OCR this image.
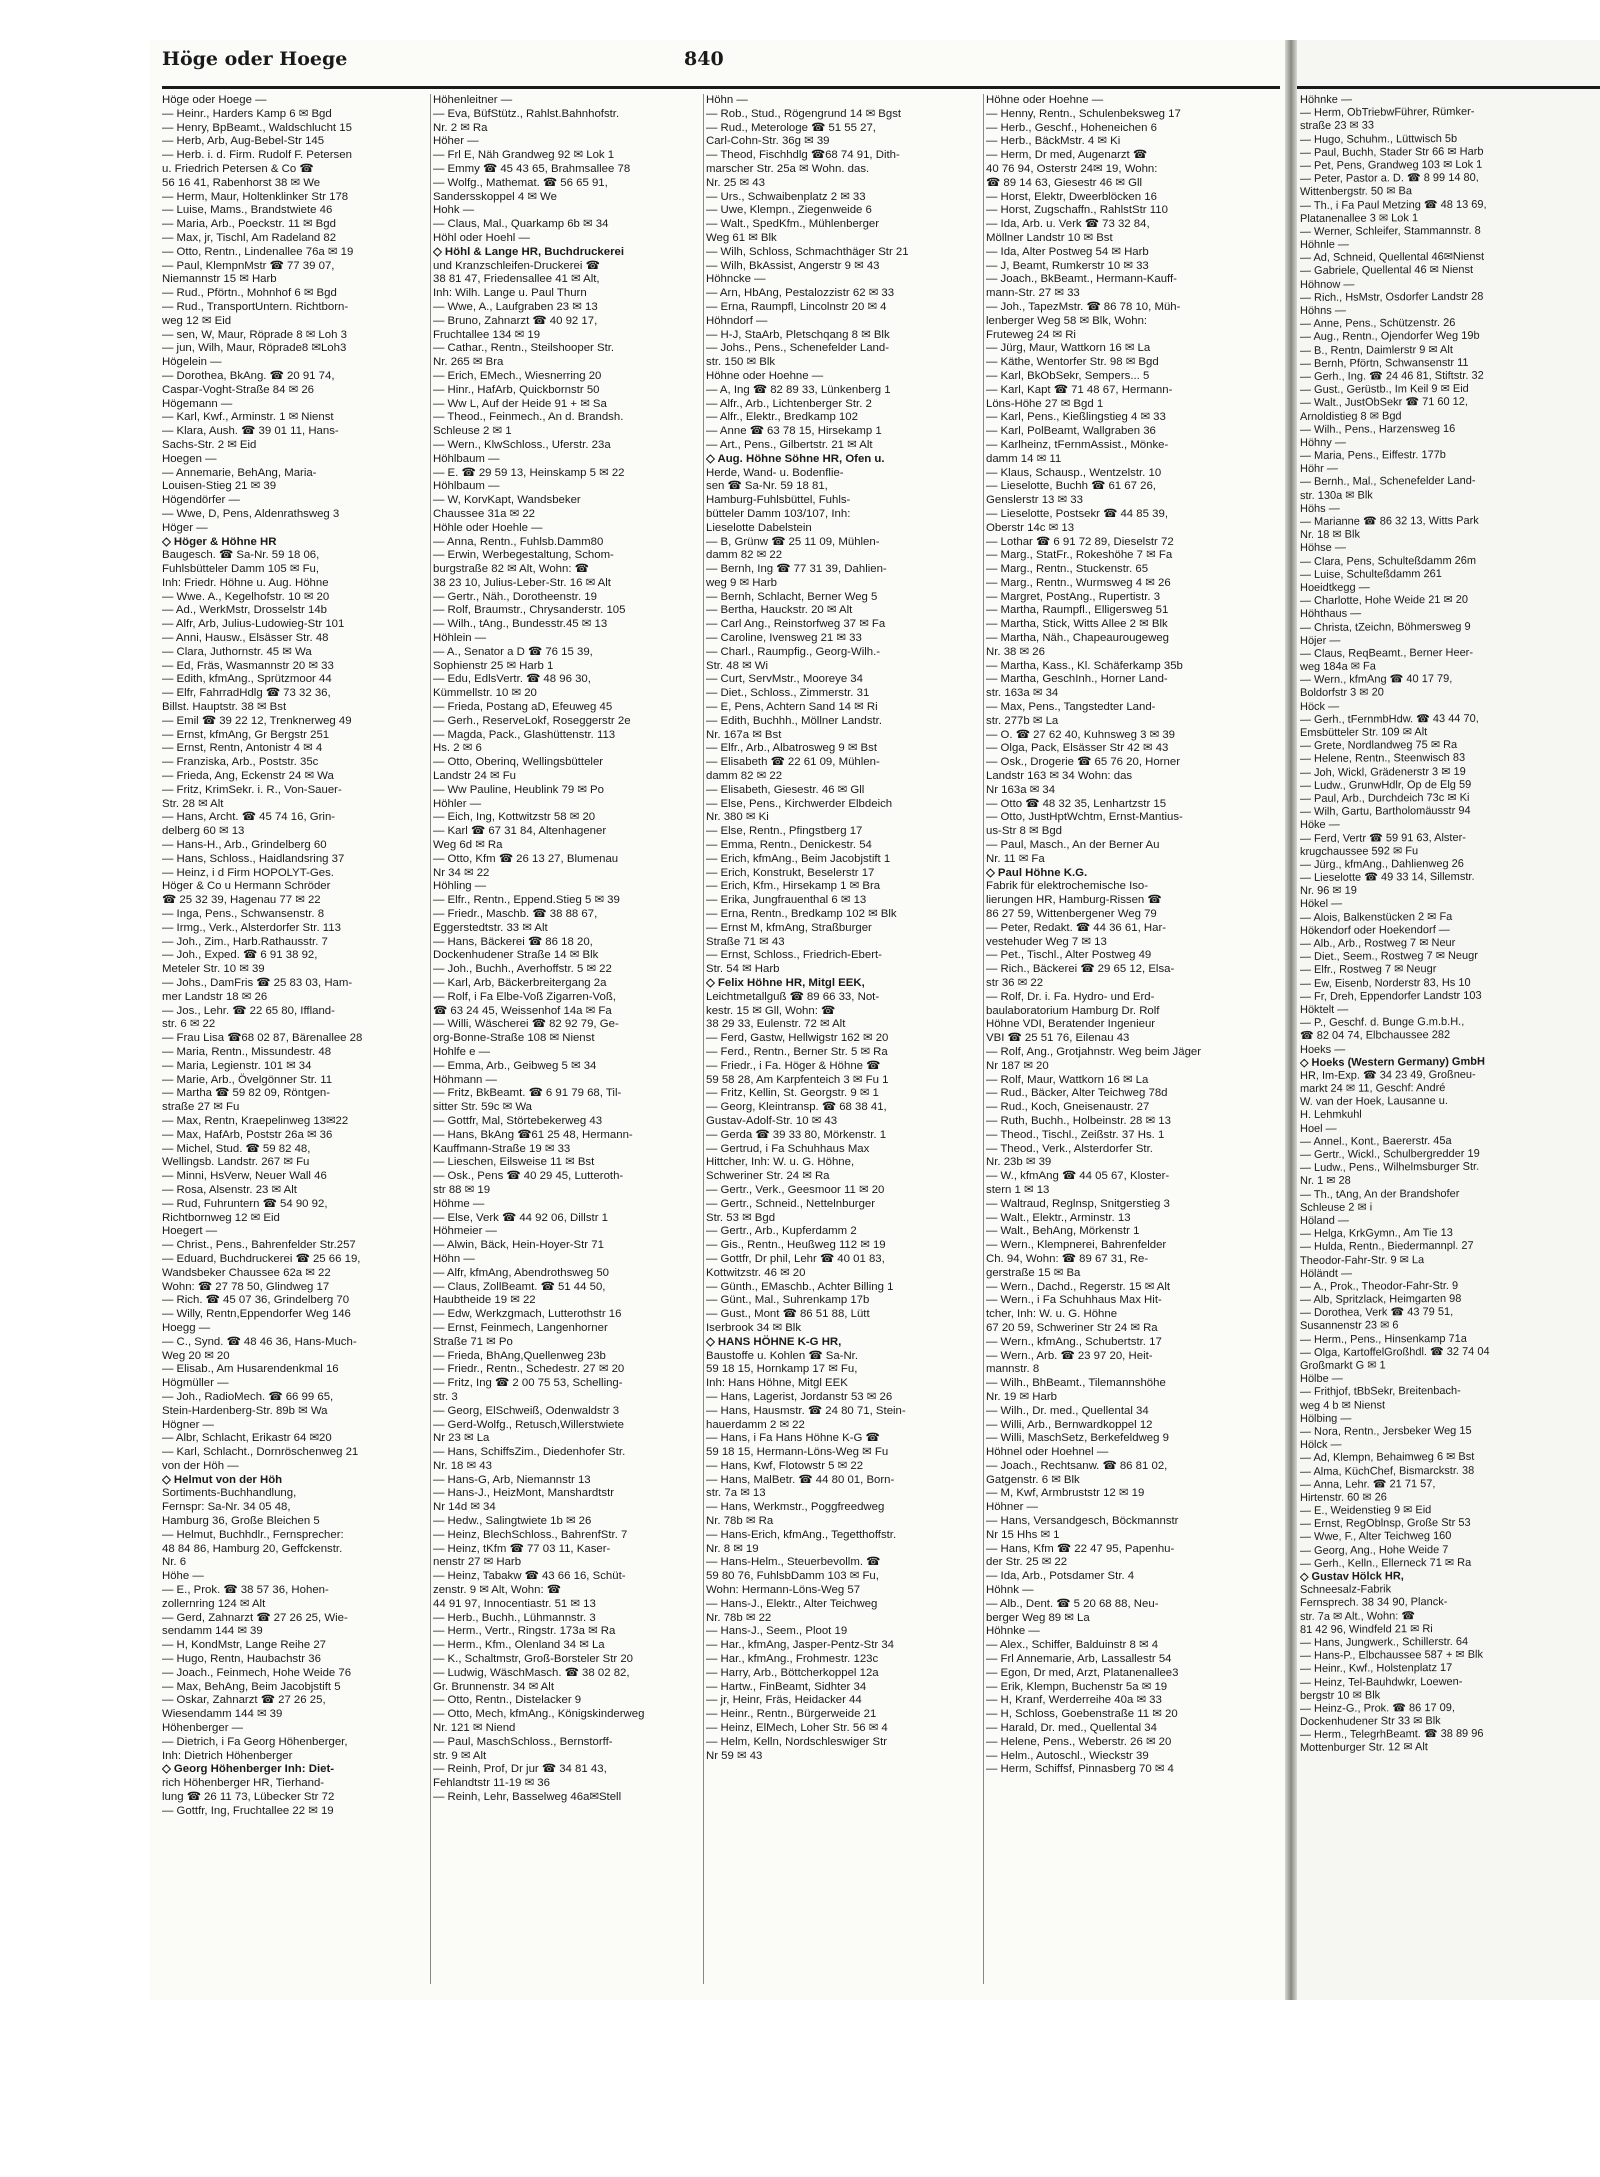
Höge oder Hoege	840
Höge oder Hoege —
— Heinr., Harders Kamp 6 ✉ Bgd
— Henry, BpBeamt., Waldschlucht 15
— Herb, Arb, Aug-Bebel-Str 145
— Herb. i. d. Firm. Rudolf F. Petersen
u. Friedrich Petersen & Co ☎
56 16 41, Rabenhorst 38 ✉ We
— Herm, Maur, Holtenklinker Str 178
— Luise, Mams., Brandstwiete 46
— Maria, Arb., Poeckstr. 11 ✉ Bgd
— Max, jr, Tischl, Am Radeland 82
— Otto, Rentn., Lindenallee 76a ✉ 19
— Paul, KlempnMstr ☎ 77 39 07,
Niemannstr 15 ✉ Harb
— Rud., Pförtn., Mohnhof 6 ✉ Bgd
— Rud., TransportUntern. Richtborn-
weg 12 ✉ Eid
— sen, W, Maur, Röprade 8 ✉ Loh 3
— jun, Wilh, Maur, Röprade8 ✉Loh3
Högelein —
— Dorothea, BkAng. ☎ 20 91 74,
Caspar-Voght-Straße 84 ✉ 26
Högemann —
— Karl, Kwf., Arminstr. 1 ✉ Nienst
— Klara, Aush. ☎ 39 01 11, Hans-
Sachs-Str. 2 ✉ Eid
Hoegen —
— Annemarie, BehAng, Maria-
Louisen-Stieg 21 ✉ 39
Högendörfer —
— Wwe, D, Pens, Aldenrathsweg 3
Höger —
◇ Höger & Höhne HR
Baugesch. ☎ Sa-Nr. 59 18 06,
Fuhlsbütteler Damm 105 ✉ Fu,
Inh: Friedr. Höhne u. Aug. Höhne
— Wwe. A., Kegelhofstr. 10 ✉ 20
— Ad., WerkMstr, Drosselstr 14b
— Alfr, Arb, Julius-Ludowieg-Str 101
— Anni, Hausw., Elsässer Str. 48
— Clara, Juthornstr. 45 ✉ Wa
— Ed, Fräs, Wasmannstr 20 ✉ 33
— Edith, kfmAng., Sprützmoor 44
— Elfr, FahrradHdlg ☎ 73 32 36,
Billst. Hauptstr. 38 ✉ Bst
— Emil ☎ 39 22 12, Trenknerweg 49
— Ernst, kfmAng, Gr Bergstr 251
— Ernst, Rentn, Antonistr 4 ✉ 4
— Franziska, Arb., Poststr. 35c
— Frieda, Ang, Eckenstr 24 ✉ Wa
— Fritz, KrimSekr. i. R., Von-Sauer-
Str. 28 ✉ Alt
— Hans, Archt. ☎ 45 74 16, Grin-
delberg 60 ✉ 13
— Hans-H., Arb., Grindelberg 60
— Hans, Schloss., Haidlandsring 37
— Heinz, i d Firm HOPOLYT-Ges.
Höger & Co u Hermann Schröder
☎ 25 32 39, Hagenau 77 ✉ 22
— Inga, Pens., Schwansenstr. 8
— Irmg., Verk., Alsterdorfer Str. 113
— Joh., Zim., Harb.Rathausstr. 7
— Joh., Exped. ☎ 6 91 38 92,
Meteler Str. 10 ✉ 39
— Johs., DamFris ☎ 25 83 03, Ham-
mer Landstr 18 ✉ 26
— Jos., Lehr. ☎ 22 65 80, Iffland-
str. 6 ✉ 22
— Frau Lisa ☎68 02 87, Bärenallee 28
— Maria, Rentn., Missundestr. 48
— Maria, Legienstr. 101 ✉ 34
— Marie, Arb., Övelgönner Str. 11
— Martha ☎ 59 82 09, Röntgen-
straße 27 ✉ Fu
— Max, Rentn, Kraepelinweg 13✉22
— Max, HafArb, Poststr 26a ✉ 36
— Michel, Stud. ☎ 59 82 48,
Wellingsb. Landstr. 267 ✉ Fu
— Minni, HsVerw, Neuer Wall 46
— Rosa, Alsenstr. 23 ✉ Alt
— Rud, Fuhruntern ☎ 54 90 92,
Richtbornweg 12 ✉ Eid
Hoegert —
— Christ., Pens., Bahrenfelder Str.257
— Eduard, Buchdruckerei ☎ 25 66 19,
Wandsbeker Chaussee 62a ✉ 22
Wohn: ☎ 27 78 50, Glindweg 17
— Rich. ☎ 45 07 36, Grindelberg 70
— Willy, Rentn,Eppendorfer Weg 146
Hoegg —
— C., Synd. ☎ 48 46 36, Hans-Much-
Weg 20 ✉ 20
— Elisab., Am Husarendenkmal 16
Högmüller —
— Joh., RadioMech. ☎ 66 99 65,
Stein-Hardenberg-Str. 89b ✉ Wa
Högner —
— Albr, Schlacht, Erikastr 64 ✉20
— Karl, Schlacht., Dornröschenweg 21
von der Höh —
◇ Helmut von der Höh
Sortiments-Buchhandlung,
Fernspr: Sa-Nr. 34 05 48,
Hamburg 36, Große Bleichen 5
— Helmut, Buchhdlr., Fernsprecher:
48 84 86, Hamburg 20, Geffckenstr.
Nr. 6
Höhe —
— E., Prok. ☎ 38 57 36, Hohen-
zollernring 124 ✉ Alt
— Gerd, Zahnarzt ☎ 27 26 25, Wie-
sendamm 144 ✉ 39
— H, KondMstr, Lange Reihe 27
— Hugo, Rentn, Haubachstr 36
— Joach., Feinmech, Hohe Weide 76
— Max, BehAng, Beim Jacobjstift 5
— Oskar, Zahnarzt ☎ 27 26 25,
Wiesendamm 144 ✉ 39
Höhenberger —
— Dietrich, i Fa Georg Höhenberger,
Inh: Dietrich Höhenberger
◇ Georg Höhenberger Inh: Diet-
rich Höhenberger HR, Tierhand-
lung ☎ 26 11 73, Lübecker Str 72
— Gottfr, Ing, Fruchtallee 22 ✉ 19
Höhenleitner —
— Eva, BüfStütz., Rahlst.Bahnhofstr.
Nr. 2 ✉ Ra
Höher —
— Frl E, Näh Grandweg 92 ✉ Lok 1
— Emmy ☎ 45 43 65, Brahmsallee 78
— Wolfg., Mathemat. ☎ 56 65 91,
Sandersskoppel 4 ✉ We
Hohk —
— Claus, Mal., Quarkamp 6b ✉ 34
Höhl oder Hoehl —
◇ Höhl & Lange HR, Buchdruckerei
und Kranzschleifen-Druckerei ☎
38 81 47, Friedensallee 41 ✉ Alt,
Inh: Wilh. Lange u. Paul Thurn
— Wwe, A., Laufgraben 23 ✉ 13
— Bruno, Zahnarzt ☎ 40 92 17,
Fruchtallee 134 ✉ 19
— Cathar., Rentn., Steilshooper Str.
Nr. 265 ✉ Bra
— Erich, EMech., Wiesnerring 20
— Hinr., HafArb, Quickbornstr 50
— Ww L, Auf der Heide 91 + ✉ Sa
— Theod., Feinmech., An d. Brandsh.
Schleuse 2 ✉ 1
— Wern., KlwSchloss., Uferstr. 23a
Höhlbaum —
— E. ☎ 29 59 13, Heinskamp 5 ✉ 22
Höhlbaum —
— W, KorvKapt, Wandsbeker
Chaussee 31a ✉ 22
Höhle oder Hoehle —
— Anna, Rentn., Fuhlsb.Damm80
— Erwin, Werbegestaltung, Schom-
burgstraße 82 ✉ Alt, Wohn: ☎
38 23 10, Julius-Leber-Str. 16 ✉ Alt
— Gertr., Näh., Dorotheenstr. 19
— Rolf, Braumstr., Chrysanderstr. 105
— Wilh., tAng., Bundesstr.45 ✉ 13
Höhlein —
— A., Senator a D ☎ 76 15 39,
Sophienstr 25 ✉ Harb 1
— Edu, EdlsVertr. ☎ 48 96 30,
Kümmellstr. 10 ✉ 20
— Frieda, Postang aD, Efeuweg 45
— Gerh., ReserveLokf, Roseggerstr 2e
— Magda, Pack., Glashüttenstr. 113
Hs. 2 ✉ 6
— Otto, Oberinq, Wellingsbütteler
Landstr 24 ✉ Fu
— Ww Pauline, Heublink 79 ✉ Po
Höhler —
— Eich, Ing, Kottwitzstr 58 ✉ 20
— Karl ☎ 67 31 84, Altenhagener
Weg 6d ✉ Ra
— Otto, Kfm ☎ 26 13 27, Blumenau
Nr 34 ✉ 22
Höhling —
— Elfr., Rentn., Eppend.Stieg 5 ✉ 39
— Friedr., Maschb. ☎ 38 88 67,
Eggerstedtstr. 33 ✉ Alt
— Hans, Bäckerei ☎ 86 18 20,
Dockenhudener Straße 14 ✉ Blk
— Joh., Buchh., Averhoffstr. 5 ✉ 22
— Karl, Arb, Bäckerbreitergang 2a
— Rolf, i Fa Elbe-Voß Zigarren-Voß,
☎ 63 24 45, Weissenhof 14a ✉ Fa
— Willi, Wäscherei ☎ 82 92 79, Ge-
org-Bonne-Straße 108 ✉ Nienst
Hohlfe e —
— Emma, Arb., Geibweg 5 ✉ 34
Höhmann —
— Fritz, BkBeamt. ☎ 6 91 79 68, Til-
sitter Str. 59c ✉ Wa
— Gottfr, Mal, Störtebekerweg 43
— Hans, BkAng ☎61 25 48, Hermann-
Kauffmann-Straße 19 ✉ 33
— Lieschen, Eilsweise 11 ✉ Bst
— Osk., Pens ☎ 40 29 45, Lutteroth-
str 88 ✉ 19
Höhme —
— Else, Verk ☎ 44 92 06, Dillstr 1
Höhmeier —
— Alwin, Bäck, Hein-Hoyer-Str 71
Höhn —
— Alfr, kfmAng, Abendrothsweg 50
— Claus, ZollBeamt. ☎ 51 44 50,
Haubtheide 19 ✉ 22
— Edw, Werkzgmach, Lutterothstr 16
— Ernst, Feinmech, Langenhorner
Straße 71 ✉ Po
— Frieda, BhAng,Quellenweg 23b
— Friedr., Rentn., Schedestr. 27 ✉ 20
— Fritz, Ing ☎ 2 00 75 53, Schelling-
str. 3
— Georg, ElSchweiß, Odenwaldstr 3
— Gerd-Wolfg., Retusch,Willerstwiete
Nr 23 ✉ La
— Hans, SchiffsZim., Diedenhofer Str.
Nr. 18 ✉ 43
— Hans-G, Arb, Niemannstr 13
— Hans-J., HeizMont, Manshardtstr
Nr 14d ✉ 34
— Hedw., Salingtwiete 1b ✉ 26
— Heinz, BlechSchloss., BahrenfStr. 7
— Heinz, tKfm ☎ 77 03 11, Kaser-
nenstr 27 ✉ Harb
— Heinz, Tabakw ☎ 43 66 16, Schüt-
zenstr. 9 ✉ Alt, Wohn: ☎
44 91 97, Innocentiastr. 51 ✉ 13
— Herb., Buchh., Lühmannstr. 3
— Herm., Vertr., Ringstr. 173a ✉ Ra
— Herm., Kfm., Olenland 34 ✉ La
— K., Schaltmstr, Groß-Borsteler Str 20
— Ludwig, WäschMasch. ☎ 38 02 82,
Gr. Brunnenstr. 34 ✉ Alt
— Otto, Rentn., Distelacker 9
— Otto, Mech, kfmAng., Königskinderweg
Nr. 121 ✉ Niend
— Paul, MaschSchloss., Bernstorff-
str. 9 ✉ Alt
— Reinh, Prof, Dr jur ☎ 34 81 43,
Fehlandtstr 11-19 ✉ 36
— Reinh, Lehr, Basselweg 46a✉Stell
Höhn —
— Rob., Stud., Rögengrund 14 ✉ Bgst
— Rud., Meterologe ☎ 51 55 27,
Carl-Cohn-Str. 36g ✉ 39
— Theod, Fischhdlg ☎68 74 91, Dith-
marscher Str. 25a ✉ Wohn. das.
Nr. 25 ✉ 43
— Urs., Schwaibenplatz 2 ✉ 33
— Uwe, Klempn., Ziegenweide 6
— Walt., SpedKfm., Mühlenberger
Weg 61 ✉ Blk
— Wilh, Schloss, Schmachthäger Str 21
— Wilh, BkAssist, Angerstr 9 ✉ 43
Höhncke —
— Arn, HbAng, Pestalozzistr 62 ✉ 33
— Erna, Raumpfl, Lincolnstr 20 ✉ 4
Höhndorf —
— H-J, StaArb, Pletschqang 8 ✉ Blk
— Johs., Pens., Schenefelder Land-
str. 150 ✉ Blk
Höhne oder Hoehne —
— A, Ing ☎ 82 89 33, Lünkenberg 1
— Alfr., Arb., Lichtenberger Str. 2
— Alfr., Elektr., Bredkamp 102
— Anne ☎ 63 78 15, Hirsekamp 1
— Art., Pens., Gilbertstr. 21 ✉ Alt
◇ Aug. Höhne Söhne HR, Ofen u.
Herde, Wand- u. Bodenflie-
sen ☎ Sa-Nr. 59 18 81,
Hamburg-Fuhlsbüttel, Fuhls-
bütteler Damm 103/107, Inh:
Lieselotte Dabelstein
— B, Grünw ☎ 25 11 09, Mühlen-
damm 82 ✉ 22
— Bernh, Ing ☎ 77 31 39, Dahlien-
weg 9 ✉ Harb
— Bernh, Schlacht, Berner Weg 5
— Bertha, Hauckstr. 20 ✉ Alt
— Carl Ang., Reinstorfweg 37 ✉ Fa
— Caroline, Ivensweg 21 ✉ 33
— Charl., Raumpfig., Georg-Wilh.-
Str. 48 ✉ Wi
— Curt, ServMstr., Mooreye 34
— Diet., Schloss., Zimmerstr. 31
— E, Pens, Achtern Sand 14 ✉ Ri
— Edith, Buchhh., Möllner Landstr.
Nr. 167a ✉ Bst
— Elfr., Arb., Albatrosweg 9 ✉ Bst
— Elisabeth ☎ 22 61 09, Mühlen-
damm 82 ✉ 22
— Elisabeth, Giesestr. 46 ✉ Gll
— Else, Pens., Kirchwerder Elbdeich
Nr. 380 ✉ Ki
— Else, Rentn., Pfingstberg 17
— Emma, Rentn., Denickestr. 54
— Erich, kfmAng., Beim Jacobjstift 1
— Erich, Konstrukt, Beselerstr 17
— Erich, Kfm., Hirsekamp 1 ✉ Bra
— Erika, Jungfrauenthal 6 ✉ 13
— Erna, Rentn., Bredkamp 102 ✉ Blk
— Ernst M, kfmAng, Straßburger
Straße 71 ✉ 43
— Ernst, Schloss., Friedrich-Ebert-
Str. 54 ✉ Harb
◇ Felix Höhne HR, Mitgl EEK,
Leichtmetallguß ☎ 89 66 33, Not-
kestr. 15 ✉ Gll, Wohn: ☎
38 29 33, Eulenstr. 72 ✉ Alt
— Ferd, Gastw, Hellwigstr 162 ✉ 20
— Ferd., Rentn., Berner Str. 5 ✉ Ra
— Friedr., i Fa. Höger & Höhne ☎
59 58 28, Am Karpfenteich 3 ✉ Fu 1
— Fritz, Kellin, St. Georgstr. 9 ✉ 1
— Georg, Kleintransp. ☎ 68 38 41,
Gustav-Adolf-Str. 10 ✉ 43
— Gerda ☎ 39 33 80, Mörkenstr. 1
— Gertrud, i Fa Schuhhaus Max
Hittcher, Inh: W. u. G. Höhne,
Schweriner Str. 24 ✉ Ra
— Gertr., Verk., Geesmoor 11 ✉ 20
— Gertr., Schneid., Nettelnburger
Str. 53 ✉ Bgd
— Gertr., Arb., Kupferdamm 2
— Gis., Rentn., Heußweg 112 ✉ 19
— Gottfr, Dr phil, Lehr ☎ 40 01 83,
Kottwitzstr. 46 ✉ 20
— Günth., EMaschb., Achter Billing 1
— Günt., Mal., Suhrenkamp 17b
— Gust., Mont ☎ 86 51 88, Lütt
Iserbrook 34 ✉ Blk
◇ HANS HÖHNE K-G HR,
Baustoffe u. Kohlen ☎ Sa-Nr.
59 18 15, Hornkamp 17 ✉ Fu,
Inh: Hans Höhne, Mitgl EEK
— Hans, Lagerist, Jordanstr 53 ✉ 26
— Hans, Hausmstr. ☎ 24 80 71, Stein-
hauerdamm 2 ✉ 22
— Hans, i Fa Hans Höhne K-G ☎
59 18 15, Hermann-Löns-Weg ✉ Fu
— Hans, Kwf, Flotowstr 5 ✉ 22
— Hans, MalBetr. ☎ 44 80 01, Born-
str. 7a ✉ 13
— Hans, Werkmstr., Poggfreedweg
Nr. 78b ✉ Ra
— Hans-Erich, kfmAng., Tegetthoffstr.
Nr. 8 ✉ 19
— Hans-Helm., Steuerbevollm. ☎
59 80 76, FuhlsbDamm 103 ✉ Fu,
Wohn: Hermann-Löns-Weg 57
— Hans-J., Elektr., Alter Teichweg
Nr. 78b ✉ 22
— Hans-J., Seem., Ploot 19
— Har., kfmAng, Jasper-Pentz-Str 34
— Har., kfmAng., Frohmestr. 123c
— Harry, Arb., Böttcherkoppel 12a
— Hartw., FinBeamt, Sidhter 34
— jr, Heinr, Fräs, Heidacker 44
— Heinr., Rentn., Bürgerweide 21
— Heinz, ElMech, Loher Str. 56 ✉ 4
— Helm, Kelln, Nordschleswiger Str
Nr 59 ✉ 43
Höhne oder Hoehne —
— Henny, Rentn., Schulenbeksweg 17
— Herb., Geschf., Hoheneichen 6
— Herb., BäckMstr. 4 ✉ Ki
— Herm, Dr med, Augenarzt ☎
40 76 94, Osterstr 24✉ 19, Wohn:
☎ 89 14 63, Giesestr 46 ✉ Gll
— Horst, Elektr, Dweerblöcken 16
— Horst, Zugschaffn., RahlstStr 110
— Ida, Arb. u. Verk ☎ 73 32 84,
Möllner Landstr 10 ✉ Bst
— Ida, Alter Postweg 54 ✉ Harb
— J, Beamt, Rumkerstr 10 ✉ 33
— Joach., BkBeamt., Hermann-Kauff-
mann-Str. 27 ✉ 33
— Joh., TapezMstr. ☎ 86 78 10, Müh-
lenberger Weg 58 ✉ Blk, Wohn:
Fruteweg 24 ✉ Ri
— Jürg, Maur, Wattkorn 16 ✉ La
— Käthe, Wentorfer Str. 98 ✉ Bgd
— Karl, BkObSekr, Sempers... 5
— Karl, Kapt ☎ 71 48 67, Hermann-
Löns-Höhe 27 ✉ Bgd 1
— Karl, Pens., Kießlingstieg 4 ✉ 33
— Karl, PolBeamt, Wallgraben 36
— Karlheinz, tFernmAssist., Mönke-
damm 14 ✉ 11
— Klaus, Schausp., Wentzelstr. 10
— Lieselotte, Buchh ☎ 61 67 26,
Genslerstr 13 ✉ 33
— Lieselotte, Postsekr ☎ 44 85 39,
Oberstr 14c ✉ 13
— Lothar ☎ 6 91 72 89, Dieselstr 72
— Marg., StatFr., Rokeshöhe 7 ✉ Fa
— Marg., Rentn., Stuckenstr. 65
— Marg., Rentn., Wurmsweg 4 ✉ 26
— Margret, PostAng., Rupertistr. 3
— Martha, Raumpfl., Elligersweg 51
— Martha, Stick, Witts Allee 2 ✉ Blk
— Martha, Näh., Chapeaurougeweg
Nr. 38 ✉ 26
— Martha, Kass., Kl. Schäferkamp 35b
— Martha, GeschInh., Horner Land-
str. 163a ✉ 34
— Max, Pens., Tangstedter Land-
str. 277b ✉ La
— O. ☎ 27 62 40, Kuhnsweg 3 ✉ 39
— Olga, Pack, Elsässer Str 42 ✉ 43
— Osk., Drogerie ☎ 65 76 20, Horner
Landstr 163 ✉ 34 Wohn: das
Nr 163a ✉ 34
— Otto ☎ 48 32 35, Lenhartzstr 15
— Otto, JustHptWchtm, Ernst-Mantius-
us-Str 8 ✉ Bgd
— Paul, Masch., An der Berner Au
Nr. 11 ✉ Fa
◇ Paul Höhne K.G.
Fabrik für elektrochemische Iso-
lierungen HR, Hamburg-Rissen ☎
86 27 59, Wittenbergener Weg 79
— Peter, Redakt. ☎ 44 36 61, Har-
vestehuder Weg 7 ✉ 13
— Pet., Tischl., Alter Postweg 49
— Rich., Bäckerei ☎ 29 65 12, Elsa-
str 36 ✉ 22
— Rolf, Dr. i. Fa. Hydro- und Erd-
baulaboratorium Hamburg Dr. Rolf
Höhne VDI, Beratender Ingenieur
VBI ☎ 25 51 76, Eilenau 43
— Rolf, Ang., Grotjahnstr. Weg beim Jäger
Nr 187 ✉ 20
— Rolf, Maur, Wattkorn 16 ✉ La
— Rud., Bäcker, Alter Teichweg 78d
— Rud., Koch, Gneisenaustr. 27
— Ruth, Buchh., Holbeinstr. 28 ✉ 13
— Theod., Tischl., Zeißstr. 37 Hs. 1
— Theod., Verk., Alsterdorfer Str.
Nr. 23b ✉ 39
— W., kfmAng ☎ 44 05 67, Kloster-
stern 1 ✉ 13
— Waltraud, Reglnsp, Snitgerstieg 3
— Walt., Elektr., Arminstr. 13
— Walt., BehAng, Mörkenstr 1
— Wern., Klempnerei, Bahrenfelder
Ch. 94, Wohn: ☎ 89 67 31, Re-
gerstraße 15 ✉ Ba
— Wern., Dachd., Regerstr. 15 ✉ Alt
— Wern., i Fa Schuhhaus Max Hit-
tcher, Inh: W. u. G. Höhne
67 20 59, Schweriner Str 24 ✉ Ra
— Wern., kfmAng., Schubertstr. 17
— Wern., Arb. ☎ 23 97 20, Heit-
mannstr. 8
— Wilh., BhBeamt., Tilemannshöhe
Nr. 19 ✉ Harb
— Wilh., Dr. med., Quellental 34
— Willi, Arb., Bernwardkoppel 12
— Willi, MaschSetz, Berkefeldweg 9
Höhnel oder Hoehnel —
— Joach., Rechtsanw. ☎ 86 81 02,
Gatgenstr. 6 ✉ Blk
— M, Kwf, Armbruststr 12 ✉ 19
Höhner —
— Hans, Versandgesch, Böckmannstr
Nr 15 Hhs ✉ 1
— Hans, Kfm ☎ 22 47 95, Papenhu-
der Str. 25 ✉ 22
— Ida, Arb., Potsdamer Str. 4
Höhnk —
— Alb., Dent. ☎ 5 20 68 88, Neu-
berger Weg 89 ✉ La
Höhnke —
— Alex., Schiffer, Balduinstr 8 ✉ 4
— Frl Annemarie, Arb, Lassallestr 54
— Egon, Dr med, Arzt, Platanenallee3
— Erik, Klempn, Buchenstr 5a ✉ 19
— H, Kranf, Werderreihe 40a ✉ 33
— H, Schloss, Goebenstraße 11 ✉ 20
— Harald, Dr. med., Quellental 34
— Helene, Pens., Weberstr. 26 ✉ 20
— Helm., Autoschl., Wieckstr 39
— Herm, Schiffsf, Pinnasberg 70 ✉ 4
Höhnke —
— Herm, ObTriebwFührer, Rümker-
straße 23 ✉ 33
— Hugo, Schuhm., Lüttwisch 5b
— Paul, Buchh, Stader Str 66 ✉ Harb
— Pet, Pens, Grandweg 103 ✉ Lok 1
— Peter, Pastor a. D. ☎ 8 99 14 80,
Wittenbergstr. 50 ✉ Ba
— Th., i Fa Paul Metzing ☎ 48 13 69,
Platanenallee 3 ✉ Lok 1
— Werner, Schleifer, Stammannstr. 8
Höhnle —
— Ad, Schneid, Quellental 46✉Nienst
— Gabriele, Quellental 46 ✉ Nienst
Höhnow —
— Rich., HsMstr, Osdorfer Landstr 28
Höhns —
— Anne, Pens., Schützenstr. 26
— Aug., Rentn., Ojendorfer Weg 19b
— B., Rentn, Daimlerstr 9 ✉ Alt
— Bernh, Pförtn, Schwansenstr 11
— Gerh., Ing. ☎ 24 46 81, Stiftstr. 32
— Gust., Gerüstb., Im Keil 9 ✉ Eid
— Walt., JustObSekr ☎ 71 60 12,
Arnoldistieg 8 ✉ Bgd
— Wilh., Pens., Harzensweg 16
Höhny —
— Maria, Pens., Eiffestr. 177b
Höhr —
— Bernh., Mal., Schenefelder Land-
str. 130a ✉ Blk
Höhs —
— Marianne ☎ 86 32 13, Witts Park
Nr. 18 ✉ Blk
Höhse —
— Clara, Pens, Schulteßdamm 26m
— Luise, Schulteßdamm 261
Hoeidtkegg —
— Charlotte, Hohe Weide 21 ✉ 20
Höhthaus —
— Christa, tZeichn, Böhmersweg 9
Höjer —
— Claus, ReqBeamt., Berner Heer-
weg 184a ✉ Fa
— Wern., kfmAng ☎ 40 17 79,
Boldorfstr 3 ✉ 20
Höck —
— Gerh., tFernmbHdw. ☎ 43 44 70,
Emsbütteler Str. 109 ✉ Alt
— Grete, Nordlandweg 75 ✉ Ra
— Helene, Rentn., Steenwisch 83
— Joh, Wickl, Grädenerstr 3 ✉ 19
— Ludw., GrunwHdlr, Op de Elg 59
— Paul, Arb., Durchdeich 73c ✉ Ki
— Wilh, Gartu, Bartholomäusstr 94
Höke —
— Ferd, Vertr ☎ 59 91 63, Alster-
krugchaussee 592 ✉ Fu
— Jürg., kfmAng., Dahlienweg 26
— Lieselotte ☎ 49 33 14, Sillemstr.
Nr. 96 ✉ 19
Hökel —
— Alois, Balkenstücken 2 ✉ Fa
Hökendorf oder Hoekendorf —
— Alb., Arb., Rostweg 7 ✉ Neur
— Diet., Seem., Rostweg 7 ✉ Neugr
— Elfr., Rostweg 7 ✉ Neugr
— Ew, Eisenb, Norderstr 83, Hs 10
— Fr, Dreh, Eppendorfer Landstr 103
Höktelt —
— P., Geschf. d. Bunge G.m.b.H.,
☎ 82 04 74, Elbchaussee 282
Hoeks —
◇ Hoeks (Western Germany) GmbH
HR, Im-Exp. ☎ 34 23 49, Großneu-
markt 24 ✉ 11, Geschf: André
W. van der Hoek, Lausanne u.
H. Lehmkuhl
Hoel —
— Annel., Kont., Baererstr. 45a
— Gertr., Wickl., Schulbergredder 19
— Ludw., Pens., Wilhelmsburger Str.
Nr. 1 ✉ 28
— Th., tAng, An der Brandshofer
Schleuse 2 ✉ i
Höland —
— Helga, KrkGymn., Am Tie 13
— Hulda, Rentn., Biedermannpl. 27
Theodor-Fahr-Str. 9 ✉ La
Höländt —
— A., Prok., Theodor-Fahr-Str. 9
— Alb, Spritzlack, Heimgarten 98
— Dorothea, Verk ☎ 43 79 51,
Susannenstr 23 ✉ 6
— Herm., Pens., Hinsenkamp 71a
— Olga, KartoffelGroßhdl. ☎ 32 74 04
Großmarkt G ✉ 1
Hölbe —
— Frithjof, tBbSekr, Breitenbach-
weg 4 b ✉ Nienst
Hölbing —
— Nora, Rentn., Jersbeker Weg 15
Hölck —
— Ad, Klempn, Behaimweg 6 ✉ Bst
— Alma, KüchChef, Bismarckstr. 38
— Anna, Lehr. ☎ 21 71 57,
Hirtenstr. 60 ✉ 26
— E., Weidenstieg 9 ✉ Eid
— Ernst, RegOblnsp, Große Str 53
— Wwe, F., Alter Teichweg 160
— Georg, Ang., Hohe Weide 7
— Gerh., Kelln., Ellerneck 71 ✉ Ra
◇ Gustav Hölck HR,
Schneesalz-Fabrik
Fernsprech. 38 34 90, Planck-
str. 7a ✉ Alt., Wohn: ☎
81 42 96, Windfeld 21 ✉ Ri
— Hans, Jungwerk., Schillerstr. 64
— Hans-P., Elbchaussee 587 + ✉ Blk
— Heinr., Kwf., Holstenplatz 17
— Heinz, Tel-Bauhdwkr, Loewen-
bergstr 10 ✉ Blk
— Heinz-G., Prok. ☎ 86 17 09,
Dockenhudener Str 33 ✉ Blk
— Herm., TelegrhBeamt. ☎ 38 89 96
Mottenburger Str. 12 ✉ Alt
